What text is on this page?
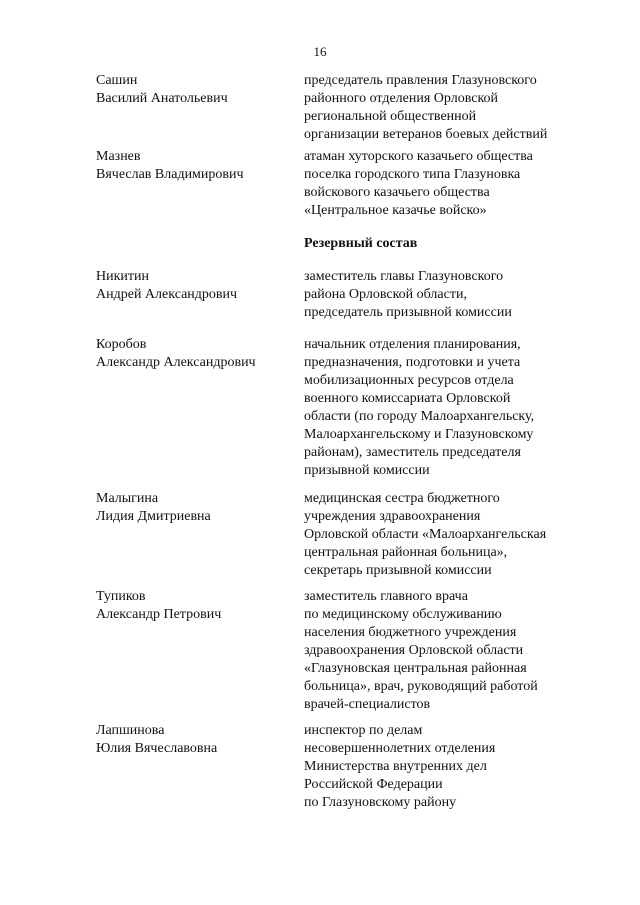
16
Сашин
Василий Анатольевич
председатель правления Глазуновского
районного отделения Орловской
региональной общественной
организации ветеранов боевых действий
Мазнев
Вячеслав Владимирович
атаман хуторского казачьего общества
поселка городского типа Глазуновка
войскового казачьего общества
«Центральное казачье войско»
Резервный состав
Никитин
Андрей Александрович
заместитель главы Глазуновского
района Орловской области,
председатель призывной комиссии
Коробов
Александр Александрович
начальник отделения планирования,
предназначения, подготовки и учета
мобилизационных ресурсов отдела
военного комиссариата Орловской
области (по городу Малоархангельску,
Малоархангельскому и Глазуновскому
районам), заместитель председателя
призывной комиссии
Малыгина
Лидия Дмитриевна
медицинская сестра бюджетного
учреждения здравоохранения
Орловской области «Малоархангельская
центральная районная больница»,
секретарь призывной комиссии
Тупиков
Александр Петрович
заместитель главного врача
по медицинскому обслуживанию
населения бюджетного учреждения
здравоохранения Орловской области
«Глазуновская центральная районная
больница», врач, руководящий работой
врачей-специалистов
Лапшинова
Юлия Вячеславовна
инспектор по делам
несовершеннолетних отделения
Министерства внутренних дел
Российской Федерации
по Глазуновскому району
